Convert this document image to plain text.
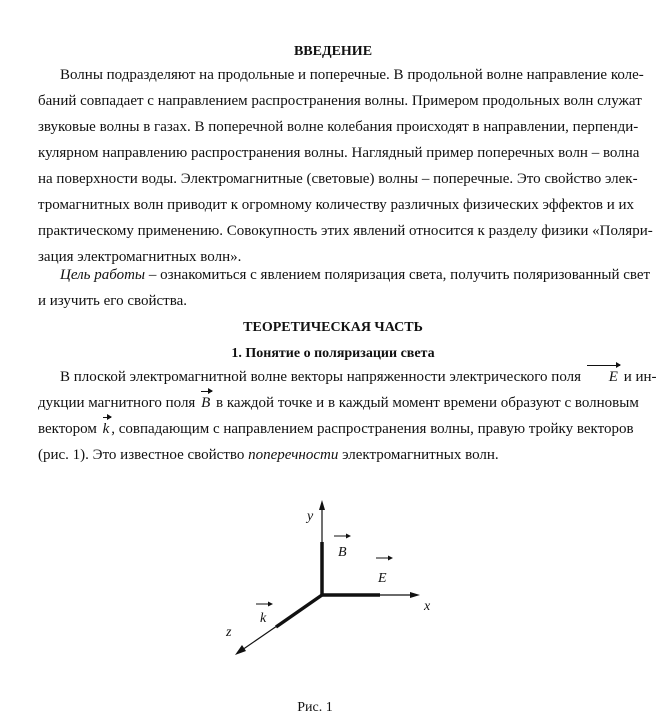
ВВЕДЕНИЕ
Волны подразделяют на продольные и поперечные. В продольной волне направление коле-
баний совпадает с направлением распространения волны. Примером продольных волн служат
звуковые волны в газах. В поперечной волне колебания происходят в направлении, перпенди-
кулярном направлению распространения волны. Наглядный пример поперечных волн – волна
на поверхности воды. Электромагнитные (световые) волны – поперечные. Это свойство элек-
тромагнитных волн приводит к огромному количеству различных физических эффектов и их
практическому применению. Совокупность этих явлений относится к разделу физики «Поляри-
зация электромагнитных волн».
Цель работы – ознакомиться с явлением поляризация света, получить поляризованный свет
и изучить его свойства.
ТЕОРЕТИЧЕСКАЯ ЧАСТЬ
1. Понятие о поляризации света
В плоской электромагнитной волне векторы напряженности электрического поля E и ин-
дукции магнитного поля B в каждой точке и в каждый момент времени образуют с волновым
вектором k , совпадающим с направлением распространения волны, правую тройку векторов
(рис. 1). Это известное свойство поперечности электромагнитных волн.
y
x
z
B
E
k

Рис. 1
